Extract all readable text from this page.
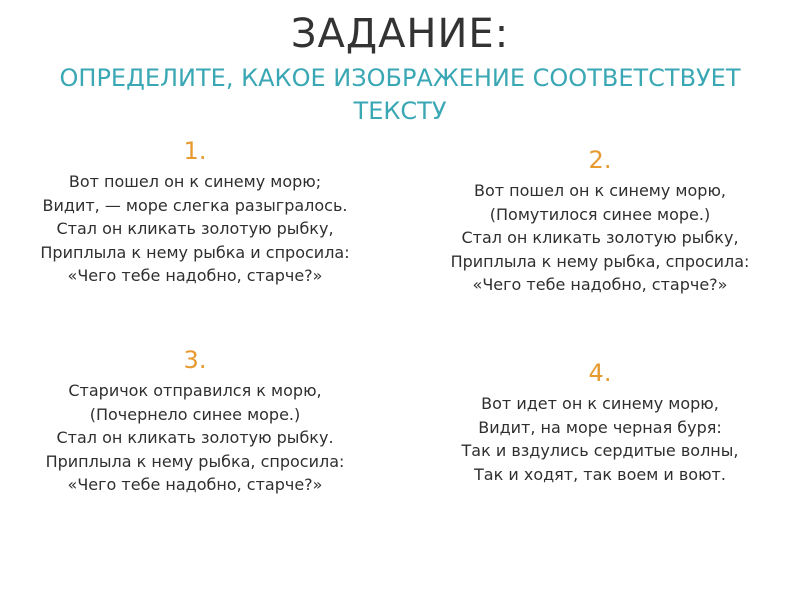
ЗАДАНИЕ:
ОПРЕДЕЛИТЕ, КАКОЕ ИЗОБРАЖЕНИЕ СООТВЕТСТВУЕТ
ТЕКСТУ
1.
Вот пошел он к синему морю;
Видит, — море слегка разыгралось.
Стал он кликать золотую рыбку,
Приплыла к нему рыбка и спросила:
«Чего тебе надобно, старче?»
2.
Вот пошел он к синему морю,
(Помутилося синее море.)
Стал он кликать золотую рыбку,
Приплыла к нему рыбка, спросила:
«Чего тебе надобно, старче?»
3.
Старичок отправился к морю,
(Почернело синее море.)
Стал он кликать золотую рыбку.
Приплыла к нему рыбка, спросила:
«Чего тебе надобно, старче?»
4.
Вот идет он к синему морю,
Видит, на море черная буря:
Так и вздулись сердитые волны,
Так и ходят, так воем и воют.
